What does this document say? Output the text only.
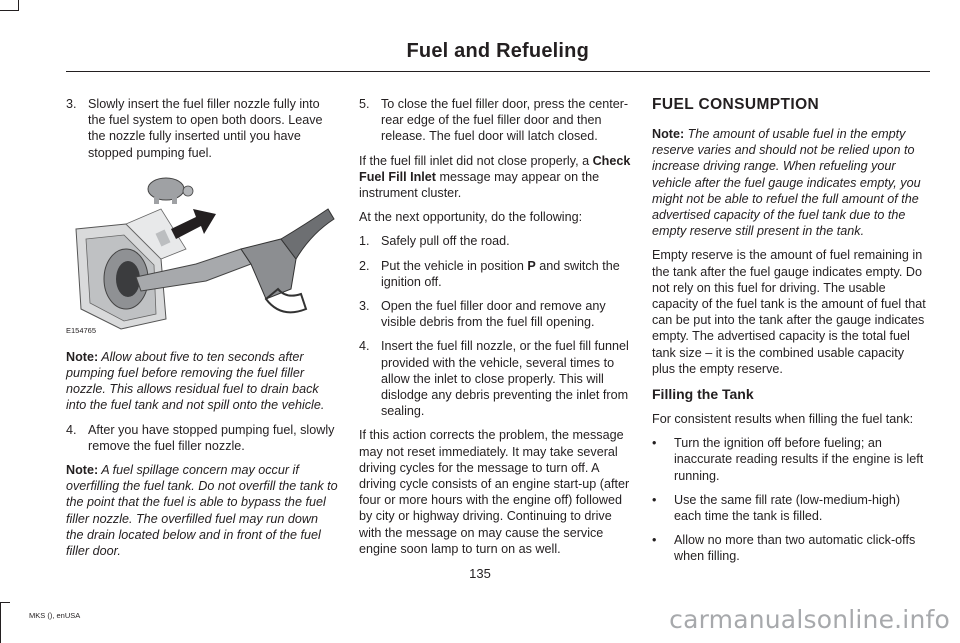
Fuel and Refueling
3. Slowly insert the fuel filler nozzle fully into the fuel system to open both doors. Leave the nozzle fully inserted until you have stopped pumping fuel.
E154765

Note: Allow about five to ten seconds after pumping fuel before removing the fuel filler nozzle. This allows residual fuel to drain back into the fuel tank and not spill onto the vehicle.

4. After you have stopped pumping fuel, slowly remove the fuel filler nozzle.

Note: A fuel spillage concern may occur if overfilling the fuel tank. Do not overfill the tank to the point that the fuel is able to bypass the fuel filler nozzle. The overfilled fuel may run down the drain located below and in front of the fuel filler door.

5. To close the fuel filler door, press the center-rear edge of the fuel filler door and then release. The fuel door will latch closed.

If the fuel fill inlet did not close properly, a Check Fuel Fill Inlet message may appear on the instrument cluster.

At the next opportunity, do the following:

1. Safely pull off the road.
2. Put the vehicle in position P and switch the ignition off.
3. Open the fuel filler door and remove any visible debris from the fuel fill opening.
4. Insert the fuel fill nozzle, or the fuel fill funnel provided with the vehicle, several times to allow the inlet to close properly. This will dislodge any debris preventing the inlet from sealing.

If this action corrects the problem, the message may not reset immediately. It may take several driving cycles for the message to turn off. A driving cycle consists of an engine start-up (after four or more hours with the engine off) followed by city or highway driving. Continuing to drive with the message on may cause the service engine soon lamp to turn on as well.

FUEL CONSUMPTION

Note: The amount of usable fuel in the empty reserve varies and should not be relied upon to increase driving range. When refueling your vehicle after the fuel gauge indicates empty, you might not be able to refuel the full amount of the advertised capacity of the fuel tank due to the empty reserve still present in the tank.

Empty reserve is the amount of fuel remaining in the tank after the fuel gauge indicates empty. Do not rely on this fuel for driving. The usable capacity of the fuel tank is the amount of fuel that can be put into the tank after the gauge indicates empty. The advertised capacity is the total fuel tank size – it is the combined usable capacity plus the empty reserve.

Filling the Tank

For consistent results when filling the fuel tank:

•	Turn the ignition off before fueling; an inaccurate reading results if the engine is left running.
•	Use the same fill rate (low-medium-high) each time the tank is filled.
•	Allow no more than two automatic click-offs when filling.
135
MKS (), enUSA	carmanualsonline.info
